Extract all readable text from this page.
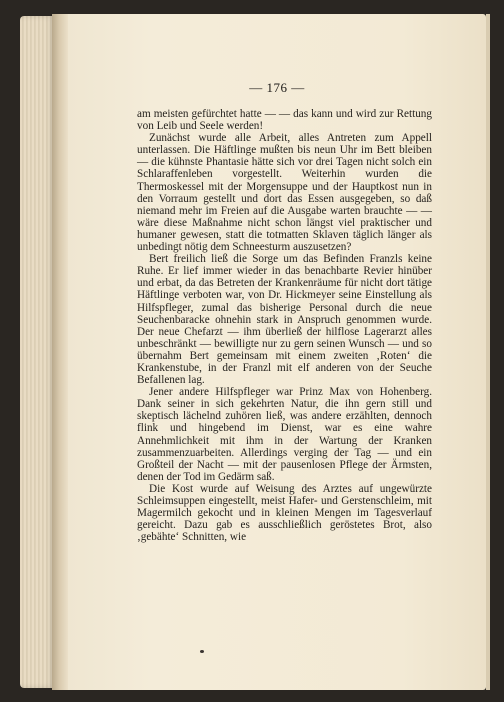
— 176 —

am meisten gefürchtet hatte — — das kann und wird zur Rettung von Leib und Seele werden!

Zunächst wurde alle Arbeit, alles Antreten zum Appell unterlassen. Die Häftlinge mußten bis neun Uhr im Bett bleiben — die kühnste Phantasie hätte sich vor drei Tagen nicht solch ein Schlaraffenleben vorgestellt. Weiterhin wurden die Thermoskessel mit der Morgensuppe und der Hauptkost nun in den Vorraum gestellt und dort das Essen ausgegeben, so daß niemand mehr im Freien auf die Ausgabe warten brauchte — — wäre diese Maßnahme nicht schon längst viel praktischer und humaner gewesen, statt die totmatten Sklaven täglich länger als unbedingt nötig dem Schneesturm auszusetzen?

Bert freilich ließ die Sorge um das Befinden Franzls keine Ruhe. Er lief immer wieder in das benachbarte Revier hinüber und erbat, da das Betreten der Krankenräume für nicht dort tätige Häftlinge verboten war, von Dr. Hickmeyer seine Einstellung als Hilfspfleger, zumal das bisherige Personal durch die neue Seuchenbaracke ohnehin stark in Anspruch genommen wurde. Der neue Chefarzt — ihm überließ der hilflose Lagerarzt alles unbeschränkt — bewilligte nur zu gern seinen Wunsch — und so übernahm Bert gemeinsam mit einem zweiten ‚Roten‘ die Krankenstube, in der Franzl mit elf anderen von der Seuche Befallenen lag.

Jener andere Hilfspfleger war Prinz Max von Hohenberg. Dank seiner in sich gekehrten Natur, die ihn gern still und skeptisch lächelnd zuhören ließ, was andere erzählten, dennoch flink und hingebend im Dienst, war es eine wahre Annehmlichkeit mit ihm in der Wartung der Kranken zusammenzuarbeiten. Allerdings verging der Tag — und ein Großteil der Nacht — mit der pausenlosen Pflege der Ärmsten, denen der Tod im Gedärm saß.

Die Kost wurde auf Weisung des Arztes auf ungewürzte Schleimsuppen eingestellt, meist Hafer- und Gerstenschleim, mit Magermilch gekocht und in kleinen Mengen im Tagesverlauf gereicht. Dazu gab es ausschließlich geröstetes Brot, also ‚gebähte‘ Schnitten, wie
